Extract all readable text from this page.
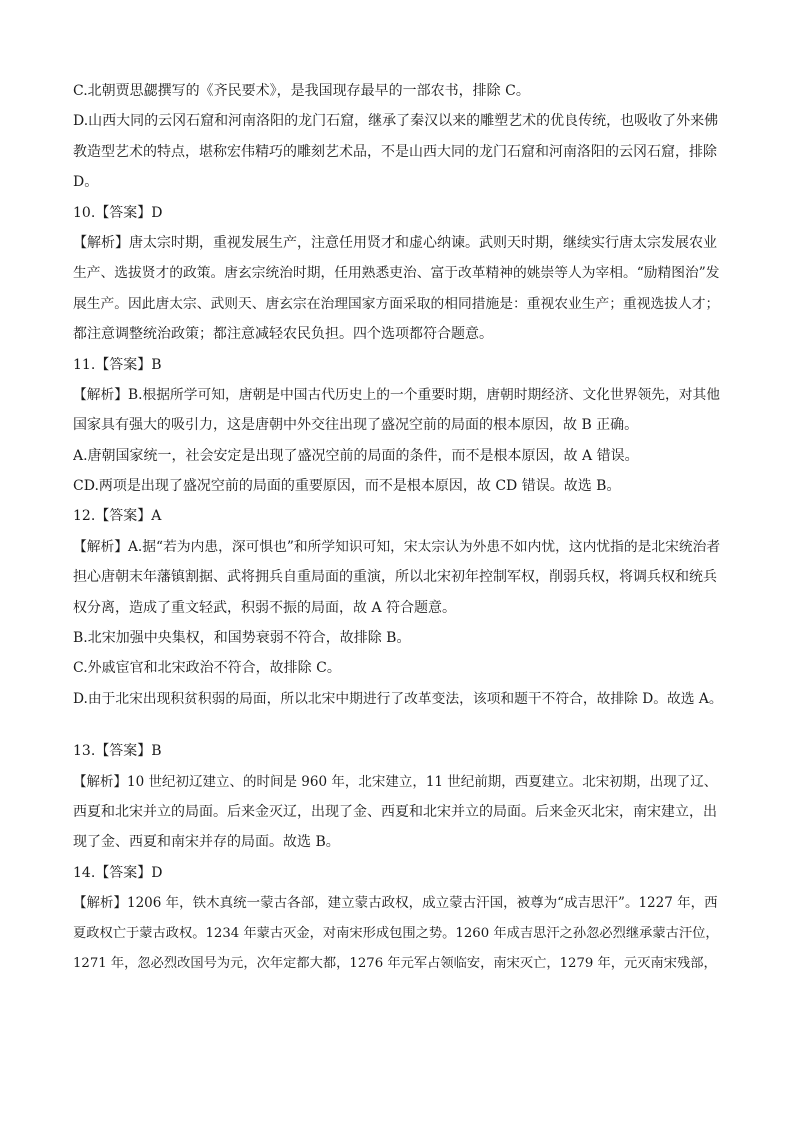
C.北朝贾思勰撰写的《齐民要术》，是我国现存最早的一部农书，排除 C。
D.山西大同的云冈石窟和河南洛阳的龙门石窟，继承了秦汉以来的雕塑艺术的优良传统，也吸收了外来佛
教造型艺术的特点，堪称宏伟精巧的雕刻艺术品，不是山西大同的龙门石窟和河南洛阳的云冈石窟，排除
D。
10.【答案】D
【解析】唐太宗时期，重视发展生产，注意任用贤才和虚心纳谏。武则天时期，继续实行唐太宗发展农业
生产、选拔贤才的政策。唐玄宗统治时期，任用熟悉吏治、富于改革精神的姚崇等人为宰相。“励精图治”发
展生产。因此唐太宗、武则天、唐玄宗在治理国家方面采取的相同措施是：重视农业生产；重视选拔人才；
都注意调整统治政策；都注意减轻农民负担。四个选项都符合题意。
11.【答案】B
【解析】B.根据所学可知，唐朝是中国古代历史上的一个重要时期，唐朝时期经济、文化世界领先，对其他
国家具有强大的吸引力，这是唐朝中外交往出现了盛况空前的局面的根本原因，故 B 正确。
A.唐朝国家统一，社会安定是出现了盛况空前的局面的条件，而不是根本原因，故 A 错误。
CD.两项是出现了盛况空前的局面的重要原因，而不是根本原因，故 CD 错误。故选 B。
12.【答案】A
【解析】A.据“若为内患，深可惧也”和所学知识可知，宋太宗认为外患不如内忧，这内忧指的是北宋统治者
担心唐朝末年藩镇割据、武将拥兵自重局面的重演，所以北宋初年控制军权，削弱兵权，将调兵权和统兵
权分离，造成了重文轻武，积弱不振的局面，故 A 符合题意。
B.北宋加强中央集权，和国势衰弱不符合，故排除 B。
C.外戚宦官和北宋政治不符合，故排除 C。
D.由于北宋出现积贫积弱的局面，所以北宋中期进行了改革变法，该项和题干不符合，故排除 D。故选 A。
13.【答案】B
【解析】10 世纪初辽建立、的时间是 960 年，北宋建立，11 世纪前期，西夏建立。北宋初期，出现了辽、
西夏和北宋并立的局面。后来金灭辽，出现了金、西夏和北宋并立的局面。后来金灭北宋，南宋建立，出
现了金、西夏和南宋并存的局面。故选 B。
14.【答案】D
【解析】1206 年，铁木真统一蒙古各部，建立蒙古政权，成立蒙古汗国，被尊为“成吉思汗”。1227 年，西
夏政权亡于蒙古政权。1234 年蒙古灭金，对南宋形成包围之势。1260 年成吉思汗之孙忽必烈继承蒙古汗位，
1271 年，忽必烈改国号为元，次年定都大都，1276 年元军占领临安，南宋灭亡，1279 年，元灭南宋残部，
